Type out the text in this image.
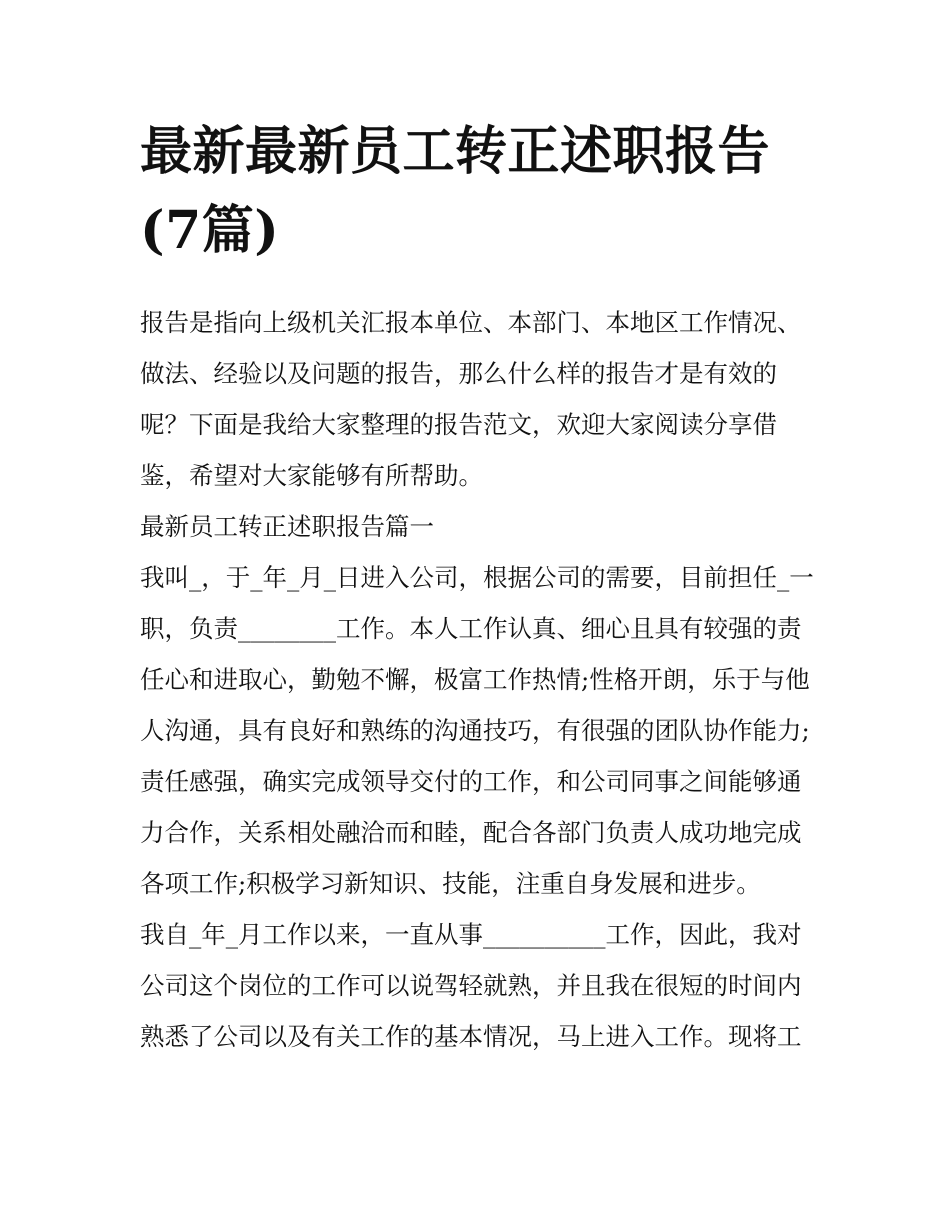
最新最新员工转正述职报告(7篇)

报告是指向上级机关汇报本单位、本部门、本地区工作情况、做法、经验以及问题的报告，那么什么样的报告才是有效的呢？下面是我给大家整理的报告范文，欢迎大家阅读分享借鉴，希望对大家能够有所帮助。

最新员工转正述职报告篇一

我叫_，于_年_月_日进入公司，根据公司的需要，目前担任_一职，负责________工作。本人工作认真、细心且具有较强的责任心和进取心，勤勉不懈，极富工作热情;性格开朗，乐于与他人沟通，具有良好和熟练的沟通技巧，有很强的团队协作能力;责任感强，确实完成领导交付的工作，和公司同事之间能够通力合作，关系相处融洽而和睦，配合各部门负责人成功地完成各项工作;积极学习新知识、技能，注重自身发展和进步。

我自_年_月工作以来，一直从事__________工作，因此，我对公司这个岗位的工作可以说驾轻就熟，并且我在很短的时间内熟悉了公司以及有关工作的基本情况，马上进入工作。现将工
